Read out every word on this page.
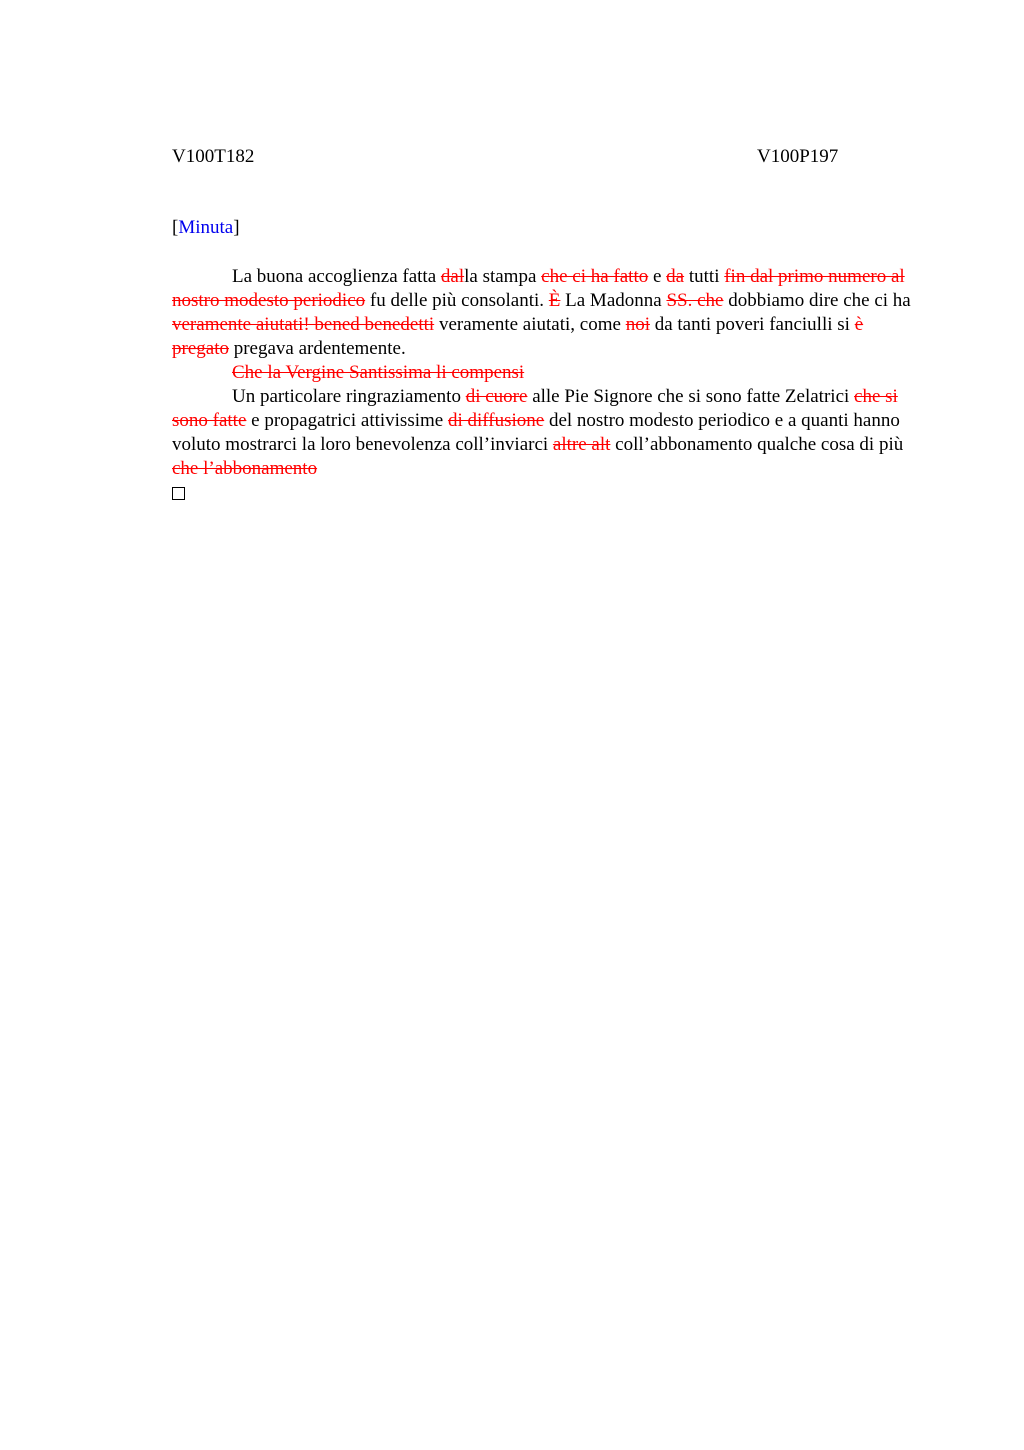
V100T182	V100P197
[Minuta]

La buona accoglienza fatta dalla stampa che ci ha fatto e da tutti fin dal primo numero al nostro modesto periodico fu delle più consolanti. È La Madonna SS. che dobbiamo dire che ci ha veramente aiutati! bened benedetti veramente aiutati, come noi da tanti poveri fanciulli si è pregato pregava ardentemente.

Che la Vergine Santissima li compensi

Un particolare ringraziamento di cuore alle Pie Signore che si sono fatte Zelatrici che si sono fatte e propagatrici attivissime di diffusione del nostro modesto periodico e a quanti hanno voluto mostrarci la loro benevolenza coll’inviarci altre alt coll’abbonamento qualche cosa di più che l’abbonamento
